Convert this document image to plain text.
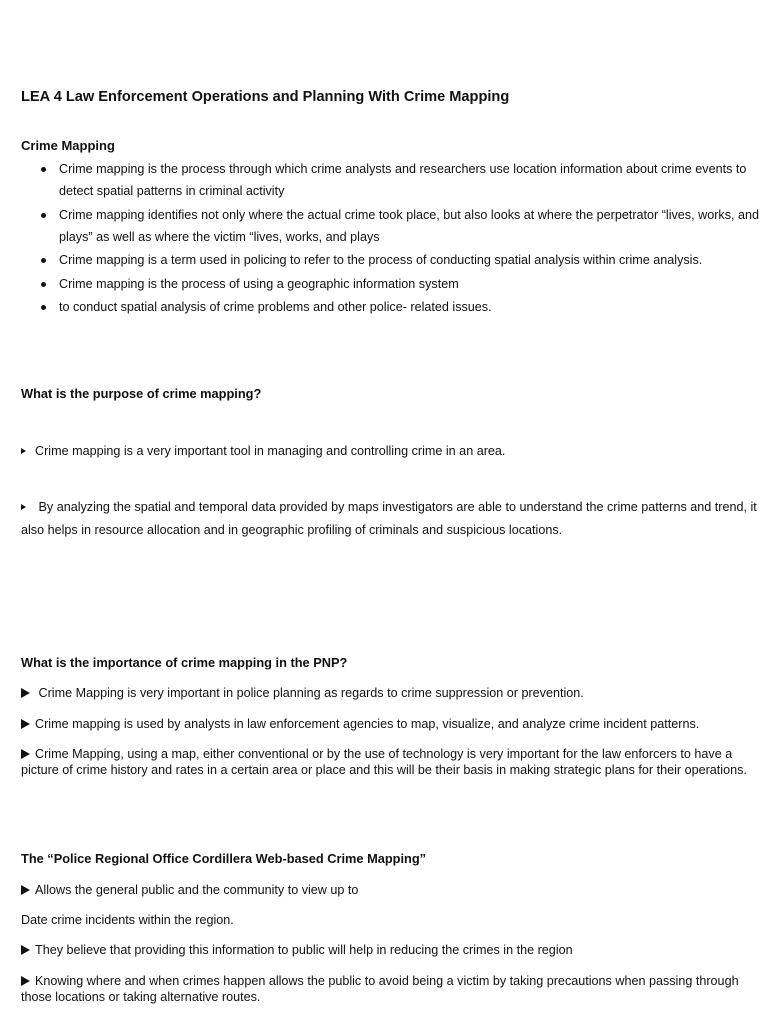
LEA 4 Law Enforcement Operations and Planning With Crime Mapping
Crime Mapping
Crime mapping is the process through which crime analysts and researchers use location information about crime events to detect spatial patterns in criminal activity
Crime mapping identifies not only where the actual crime took place, but also looks at where the perpetrator “lives, works, and plays” as well as where the victim “lives, works, and plays
Crime mapping is a term used in policing to refer to the process of conducting spatial analysis within crime analysis.
Crime mapping is the process of using a geographic information system
to conduct spatial analysis of crime problems and other police- related issues.
What is the purpose of crime mapping?

Crime mapping is a very important tool in managing and controlling crime in an area.

By analyzing the spatial and temporal data provided by maps investigators are able to understand the crime patterns and trend, it also helps in resource allocation and in geographic profiling of criminals and suspicious locations.

What is the importance of crime mapping in the PNP?

Crime Mapping is very important in police planning as regards to crime suppression or prevention.

Crime mapping is used by analysts in law enforcement agencies to map, visualize, and analyze crime incident patterns.

Crime Mapping, using a map, either conventional or by the use of technology is very important for the law enforcers to have a picture of crime history and rates in a certain area or place and this will be their basis in making strategic plans for their operations.

The “Police Regional Office Cordillera Web-based Crime Mapping”

Allows the general public and the community to view up to

Date crime incidents within the region.

They believe that providing this information to public will help in reducing the crimes in the region

Knowing where and when crimes happen allows the public to avoid being a victim by taking precautions when passing through those locations or taking alternative routes.
